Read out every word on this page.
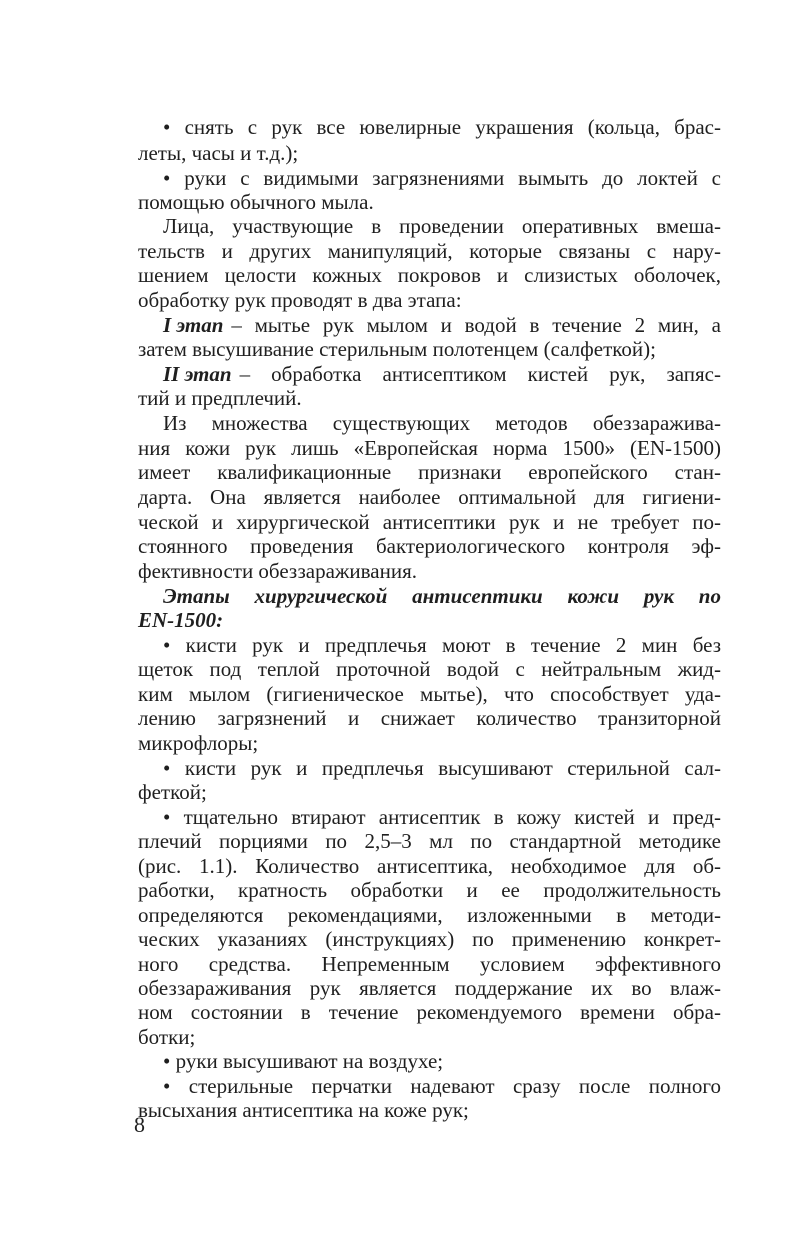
• снять с рук все ювелирные украшения (кольца, брас-
леты, часы и т.д.);
• руки с видимыми загрязнениями вымыть до локтей с
помощью обычного мыла.
Лица, участвующие в проведении оперативных вмеша-
тельств и других манипуляций, которые связаны с нару-
шением целости кожных покровов и слизистых оболочек,
обработку рук проводят в два этапа:
I этап – мытье рук мылом и водой в течение 2 мин, а
затем высушивание стерильным полотенцем (салфеткой);
II этап – обработка антисептиком кистей рук, запяс-
тий и предплечий.
Из множества существующих методов обеззаражива-
ния кожи рук лишь «Европейская норма 1500» (EN-1500)
имеет квалификационные признаки европейского стан-
дарта. Она является наиболее оптимальной для гигиени-
ческой и хирургической антисептики рук и не требует по-
стоянного проведения бактериологического контроля эф-
фективности обеззараживания.
Этапы хирургической антисептики кожи рук по
EN-1500:
• кисти рук и предплечья моют в течение 2 мин без
щеток под теплой проточной водой с нейтральным жид-
ким мылом (гигиеническое мытье), что способствует уда-
лению загрязнений и снижает количество транзиторной
микрофлоры;
• кисти рук и предплечья высушивают стерильной сал-
феткой;
• тщательно втирают антисептик в кожу кистей и пред-
плечий порциями по 2,5–3 мл по стандартной методике
(рис. 1.1). Количество антисептика, необходимое для об-
работки, кратность обработки и ее продолжительность
определяются рекомендациями, изложенными в методи-
ческих указаниях (инструкциях) по применению конкрет-
ного средства. Непременным условием эффективного
обеззараживания рук является поддержание их во влаж-
ном состоянии в течение рекомендуемого времени обра-
ботки;
• руки высушивают на воздухе;
• стерильные перчатки надевают сразу после полного
высыхания антисептика на коже рук;
8
